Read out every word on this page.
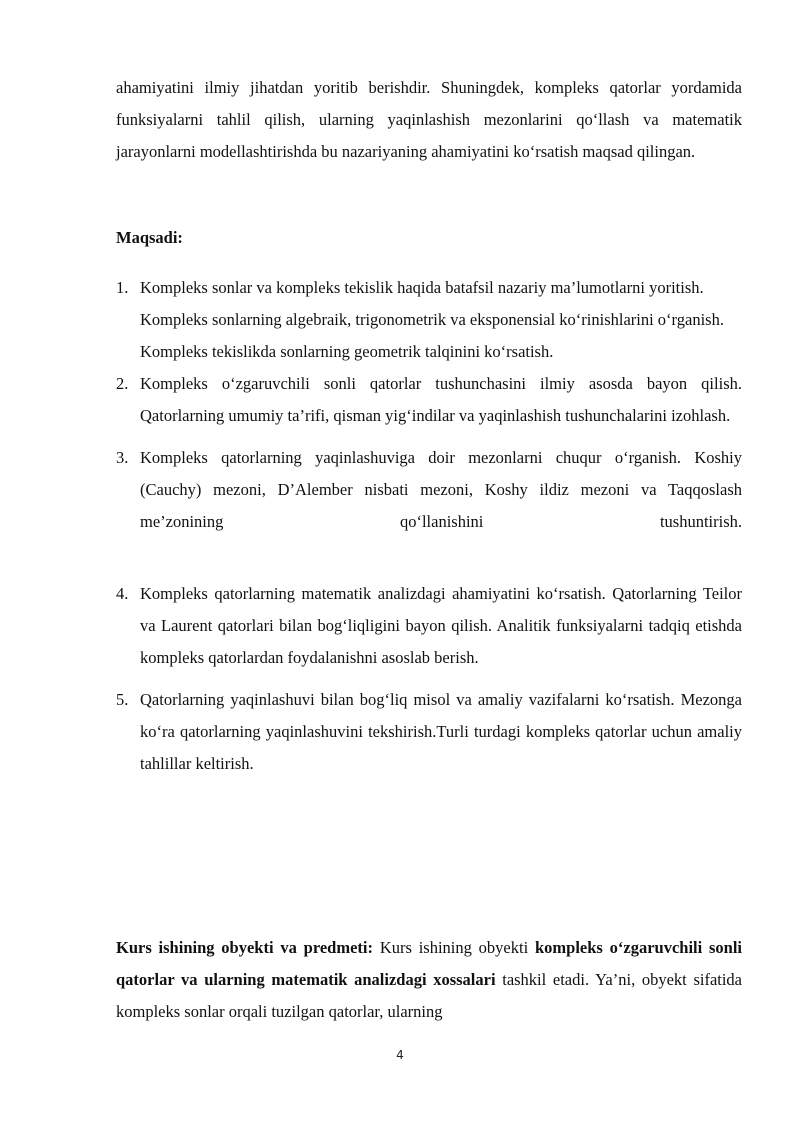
ahamiyatini ilmiy jihatdan yoritib berishdir. Shuningdek, kompleks qatorlar yordamida funksiyalarni tahlil qilish, ularning yaqinlashish mezonlarini qo‘llash va matematik jarayonlarni modellashtirishda bu nazariyaning ahamiyatini ko‘rsatish maqsad qilingan.

Maqsadi:

1. Kompleks sonlar va kompleks tekislik haqida batafsil nazariy ma’lumotlarni yoritish.

Kompleks sonlarning algebraik, trigonometrik va eksponensial ko‘rinishlarini o‘rganish.

Kompleks tekislikda sonlarning geometrik talqinini ko‘rsatish.

2. Kompleks o‘zgaruvchili sonli qatorlar tushunchasini ilmiy asosda bayon qilish. Qatorlarning umumiy ta’rifi, qisman yig‘indilar va yaqinlashish tushunchalarini izohlash.

3. Kompleks qatorlarning yaqinlashuviga doir mezonlarni chuqur o‘rganish. Koshiy (Cauchy) mezoni, D’Alember nisbati mezoni, Koshy ildiz mezoni va Taqqoslash me’zonining qo‘llanishini tushuntirish.

4. Kompleks qatorlarning matematik analizdagi ahamiyatini ko‘rsatish. Qatorlarning Teilor va Laurent qatorlari bilan bog‘liqligini bayon qilish. Analitik funksiyalarni tadqiq etishda kompleks qatorlardan foydalanishni asoslab berish.

5. Qatorlarning yaqinlashuvi bilan bog‘liq misol va amaliy vazifalarni ko‘rsatish. Mezonga ko‘ra qatorlarning yaqinlashuvini tekshirish.Turli turdagi kompleks qatorlar uchun amaliy tahlillar keltirish.

Kurs ishining obyekti va predmeti: Kurs ishining obyekti kompleks o‘zgaruvchili sonli qatorlar va ularning matematik analizdagi xossalari tashkil etadi. Ya’ni, obyekt sifatida kompleks sonlar orqali tuzilgan qatorlar, ularning

4
